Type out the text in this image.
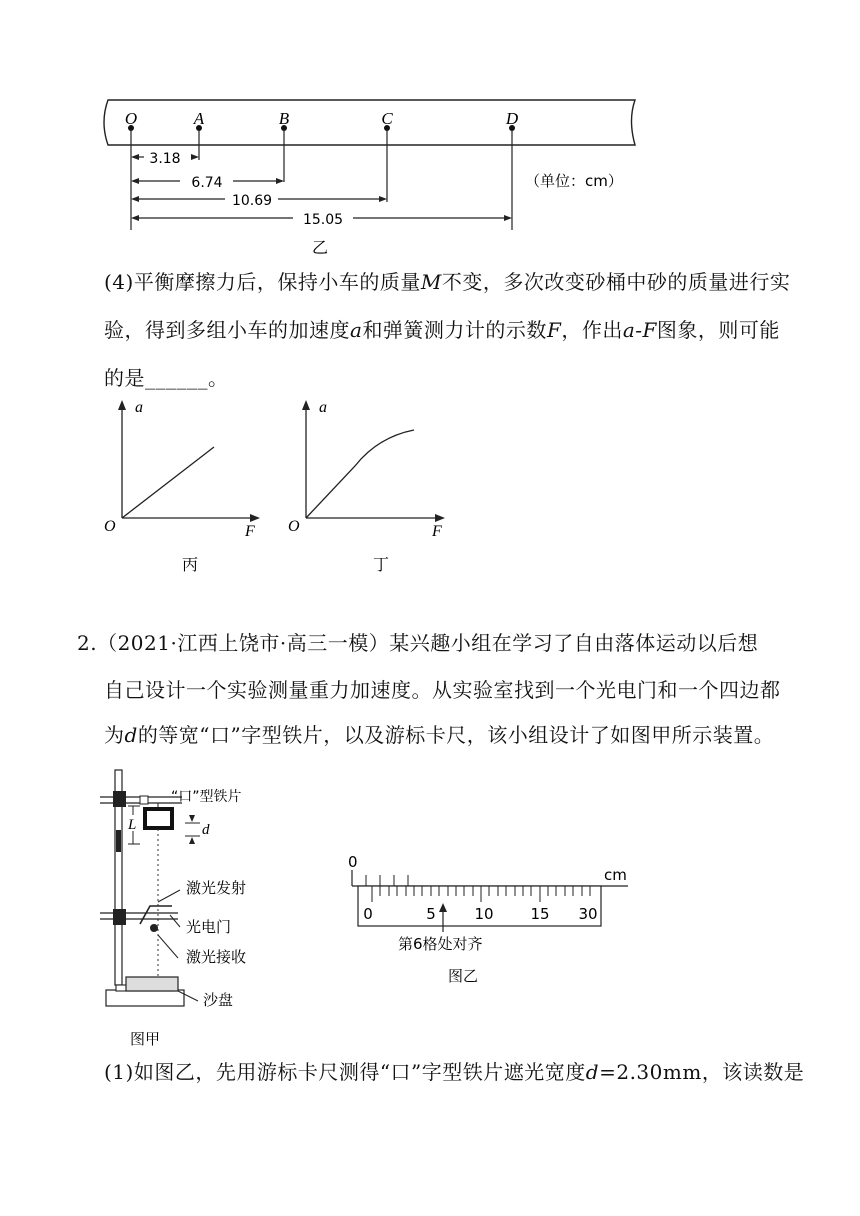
O	A	B	C	D
3.18
6.74
10.69
15.05
（单位：cm）
乙
(4)平衡摩擦力后，保持小车的质量M不变，多次改变砂桶中砂的质量进行实
验，得到多组小车的加速度a和弹簧测力计的示数F，作出a-F图象，则可能
的是______。
a
F
O
丙
a
F
O
丁
2.（2021·江西上饶市·高三一模）某兴趣小组在学习了自由落体运动以后想
自己设计一个实验测量重力加速度。从实验室找到一个光电门和一个四边都
为d的等宽“口”字型铁片，以及游标卡尺，该小组设计了如图甲所示装置。
L	d
“口”型铁片
激光发射
光电门
激光接收
沙盘
图甲
0
cm
0	5	10 15 30
第6格处对齐
图乙
(1)如图乙，先用游标卡尺测得“口”字型铁片遮光宽度d=2.30mm，该读数是
